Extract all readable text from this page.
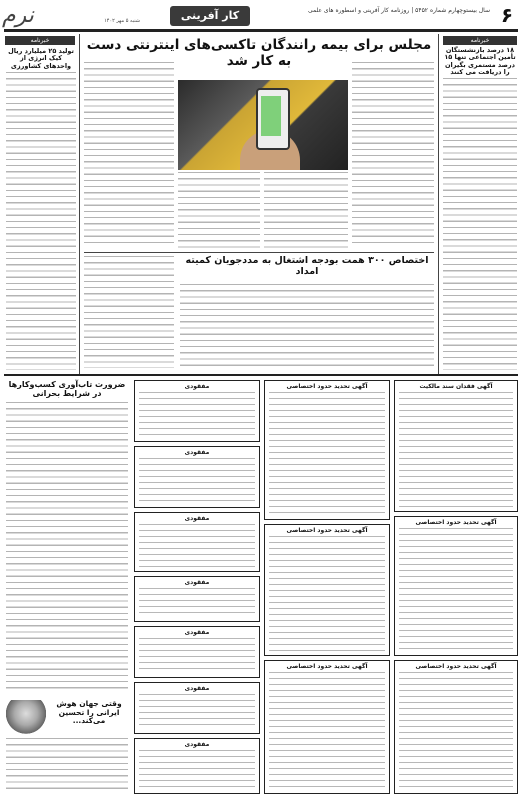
نرم	شنبه ۵ مهر ۱۴۰۲	کار آفرینی	سال بیستوچهارم شماره ۵۴۵۲ | روزنامه کار آفرینی و اسطوره های علمی ۶
خبرنامه
تولید ۲۵ میلیارد ریال کیک انرژی از واحدهای کشاورزی
مجلس برای بیمه رانندگان تاکسی‌های اینترنتی دست به کار شد
خبرنامه
۱۸ درصد بازنشستگان تأمین اجتماعی تنها ۱۵ درصد مستمری بگیران را دریافت می کنند
اختصاص ۳۰۰ همت بودجه اشتغال به مددجویان کمیته امداد
ضرورت تاب‌آوری کسب‌وکارها در شرایط بحرانی
وقتی جهان هوش ایرانی را تحسین می‌کند...
مفقودی
مفقودی
مفقودی
مفقودی
مفقودی
مفقودی
مفقودی
آگهی تحدید حدود اختصاصی
آگهی تحدید حدود اختصاصی
آگهی تحدید حدود اختصاصی
آگهی فقدان سند مالکیت
آگهی تحدید حدود اختصاصی
آگهی تحدید حدود اختصاصی
